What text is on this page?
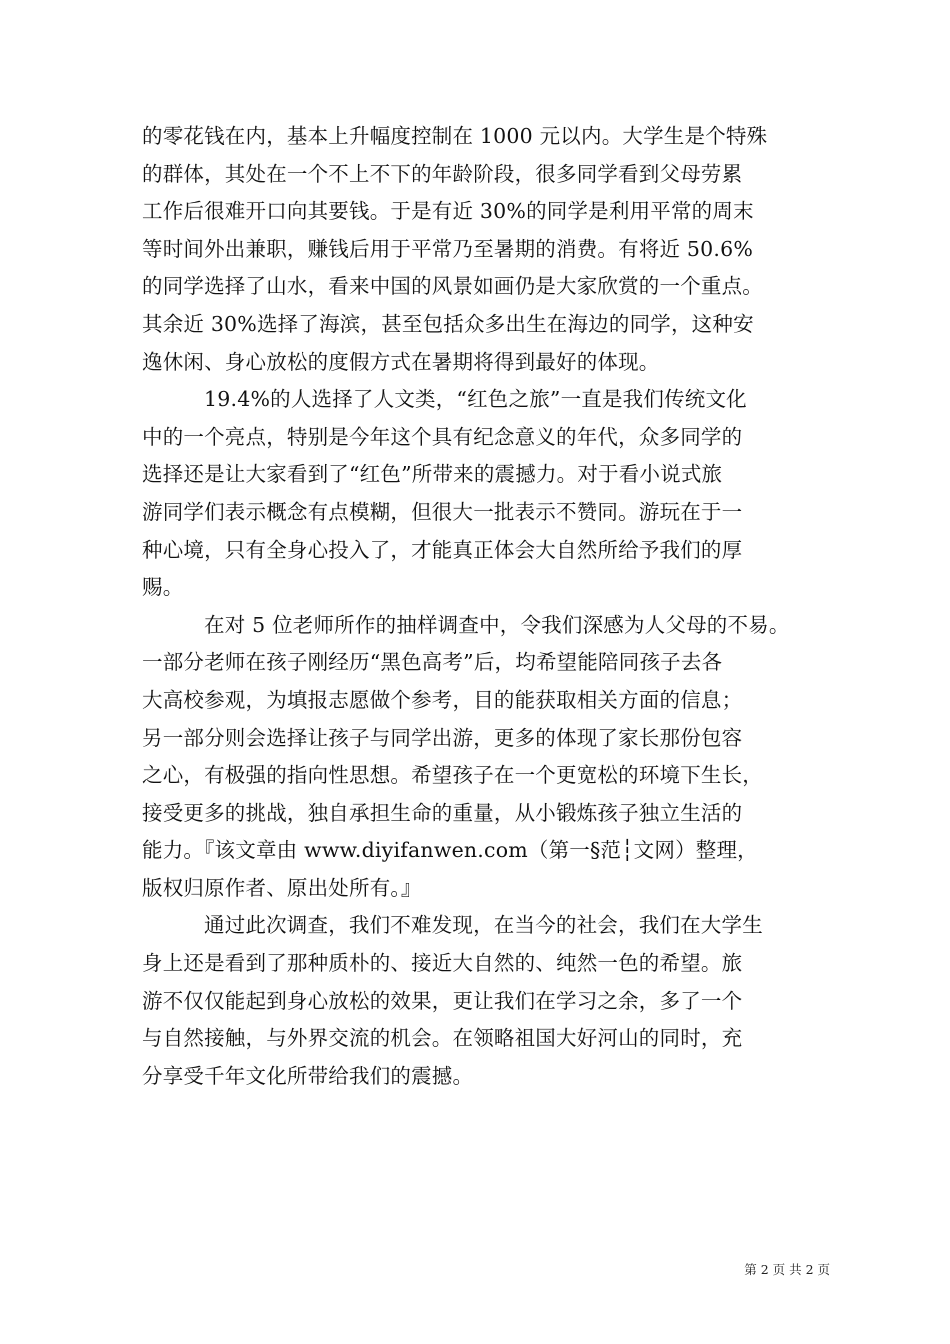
的零花钱在内，基本上升幅度控制在 1000 元以内。大学生是个特殊
的群体，其处在一个不上不下的年龄阶段，很多同学看到父母劳累
工作后很难开口向其要钱。于是有近 30%的同学是利用平常的周末
等时间外出兼职，赚钱后用于平常乃至暑期的消费。有将近 50.6%
的同学选择了山水，看来中国的风景如画仍是大家欣赏的一个重点。
其余近 30%选择了海滨，甚至包括众多出生在海边的同学，这种安
逸休闲、身心放松的度假方式在暑期将得到最好的体现。
19.4%的人选择了人文类，“红色之旅”一直是我们传统文化
中的一个亮点，特别是今年这个具有纪念意义的年代，众多同学的
选择还是让大家看到了“红色”所带来的震撼力。对于看小说式旅
游同学们表示概念有点模糊，但很大一批表示不赞同。游玩在于一
种心境，只有全身心投入了，才能真正体会大自然所给予我们的厚
赐。
在对 5 位老师所作的抽样调查中，令我们深感为人父母的不易。
一部分老师在孩子刚经历“黑色高考”后，均希望能陪同孩子去各
大高校参观，为填报志愿做个参考，目的能获取相关方面的信息；
另一部分则会选择让孩子与同学出游，更多的体现了家长那份包容
之心，有极强的指向性思想。希望孩子在一个更宽松的环境下生长，
接受更多的挑战，独自承担生命的重量，从小锻炼孩子独立生活的
能力。『该文章由 www.diyifanwen.com（第一§范┆文网）整理，
版权归原作者、原出处所有。』
通过此次调查，我们不难发现，在当今的社会，我们在大学生
身上还是看到了那种质朴的、接近大自然的、纯然一色的希望。旅
游不仅仅能起到身心放松的效果，更让我们在学习之余，多了一个
与自然接触，与外界交流的机会。在领略祖国大好河山的同时，充
分享受千年文化所带给我们的震撼。
第 2 页 共 2 页
